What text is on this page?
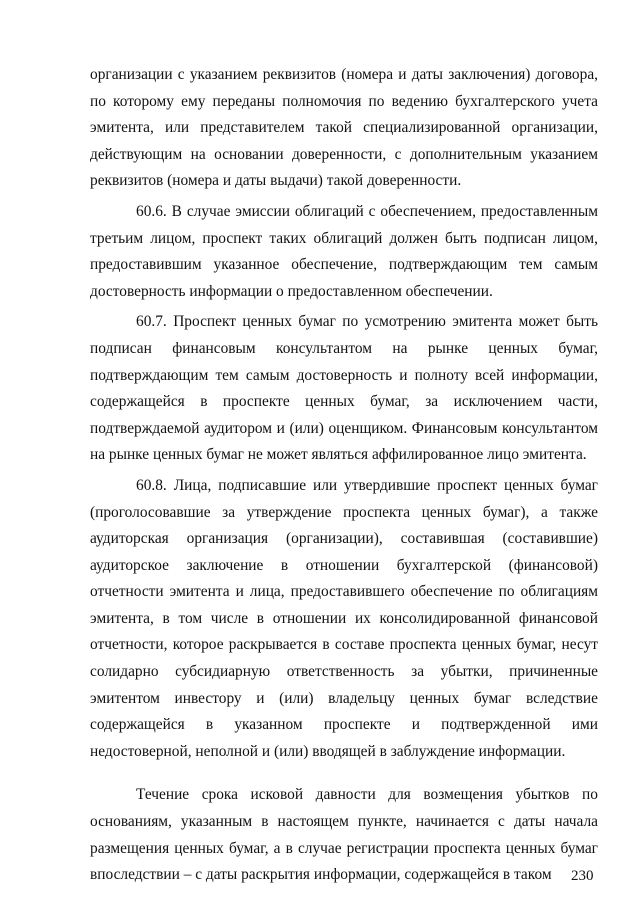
организации с указанием реквизитов (номера и даты заключения) договора, по которому ему переданы полномочия по ведению бухгалтерского учета эмитента, или представителем такой специализированной организации, действующим на основании доверенности, с дополнительным указанием реквизитов (номера и даты выдачи) такой доверенности.

60.6. В случае эмиссии облигаций с обеспечением, предоставленным третьим лицом, проспект таких облигаций должен быть подписан лицом, предоставившим указанное обеспечение, подтверждающим тем самым достоверность информации о предоставленном обеспечении.

60.7. Проспект ценных бумаг по усмотрению эмитента может быть подписан финансовым консультантом на рынке ценных бумаг, подтверждающим тем самым достоверность и полноту всей информации, содержащейся в проспекте ценных бумаг, за исключением части, подтверждаемой аудитором и (или) оценщиком. Финансовым консультантом на рынке ценных бумаг не может являться аффилированное лицо эмитента.

60.8. Лица, подписавшие или утвердившие проспект ценных бумаг (проголосовавшие за утверждение проспекта ценных бумаг), а также аудиторская организация (организации), составившая (составившие) аудиторское заключение в отношении бухгалтерской (финансовой) отчетности эмитента и лица, предоставившего обеспечение по облигациям эмитента, в том числе в отношении их консолидированной финансовой отчетности, которое раскрывается в составе проспекта ценных бумаг, несут солидарно субсидиарную ответственность за убытки, причиненные эмитентом инвестору и (или) владельцу ценных бумаг вследствие содержащейся в указанном проспекте и подтвержденной ими недостоверной, неполной и (или) вводящей в заблуждение информации.

Течение срока исковой давности для возмещения убытков по основаниям, указанным в настоящем пункте, начинается с даты начала размещения ценных бумаг, а в случае регистрации проспекта ценных бумаг впоследствии – с даты раскрытия информации, содержащейся в таком	230
